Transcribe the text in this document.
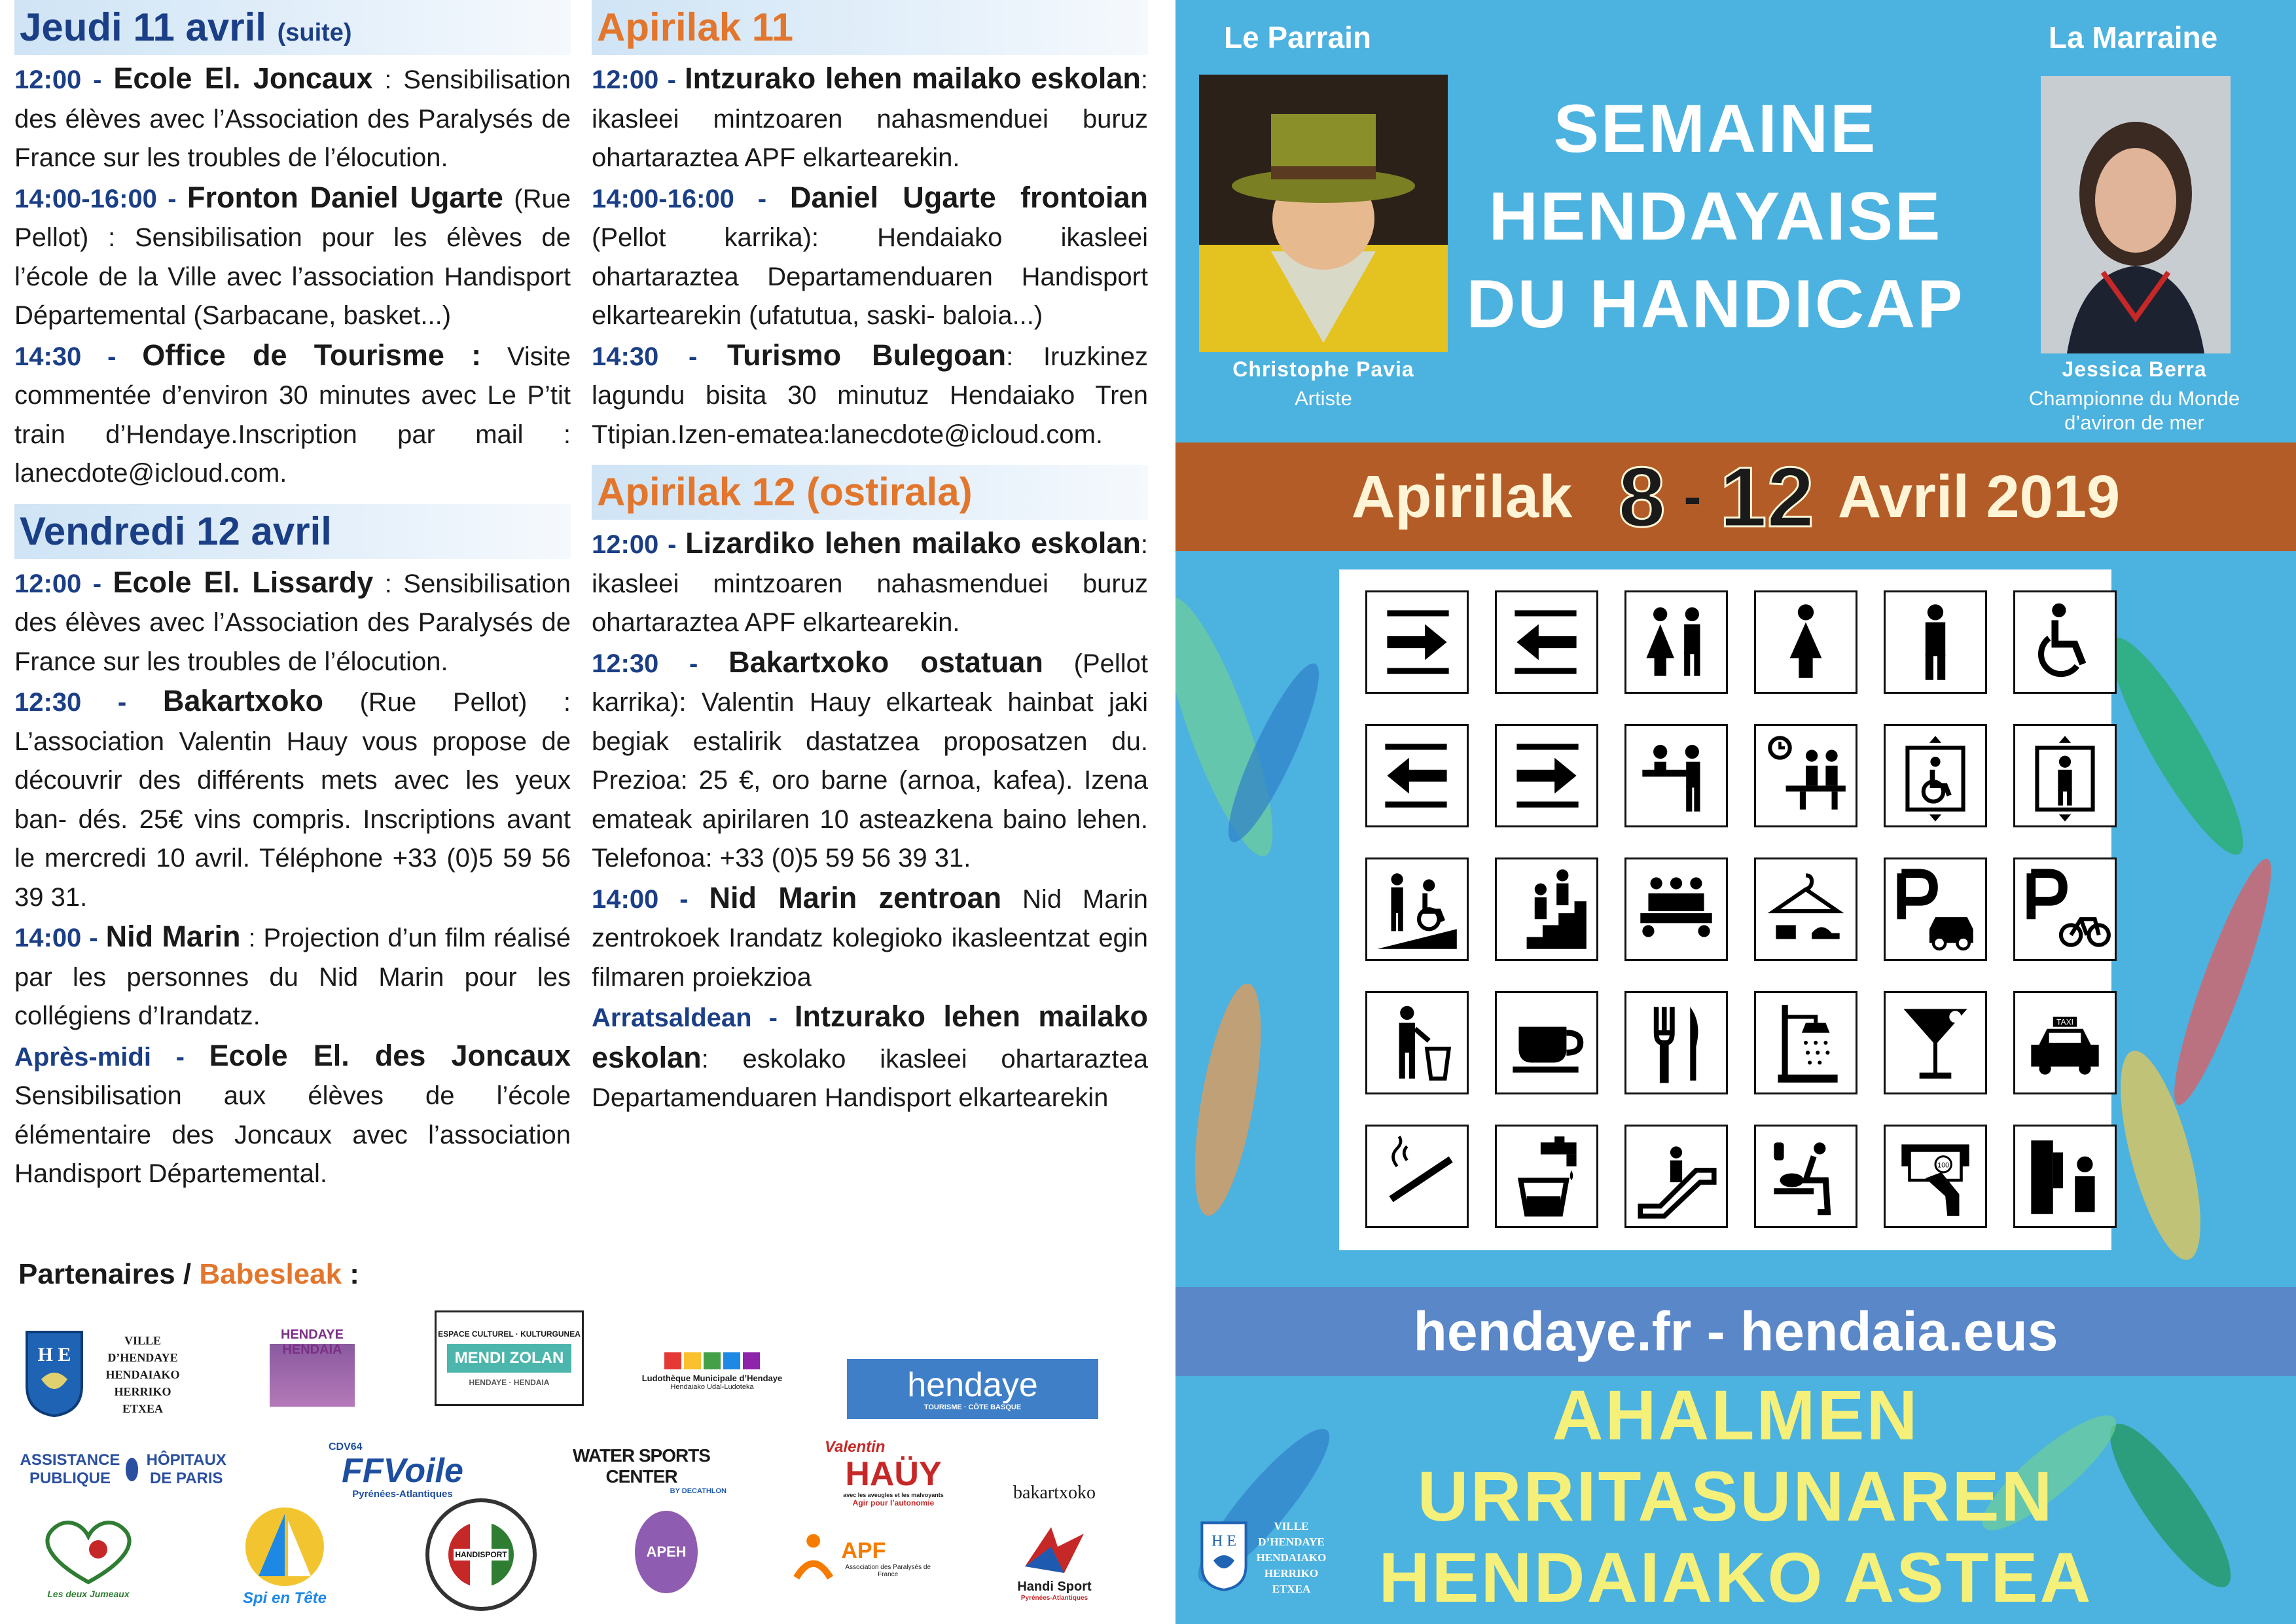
Jeudi 11 avril (suite)

12:00 - Ecole El. Joncaux : Sensibilisation des élèves avec l’Association des Paralysés de France sur les troubles de l’élocution.

14:00-16:00 - Fronton Daniel Ugarte (Rue Pellot) : Sensibilisation pour les élèves de l’école de la Ville avec l’association Handisport Départemental (Sarbacane, basket...)

14:30 - Office de Tourisme : Visite commentée d’environ 30 minutes avec Le P’tit train d’Hendaye.Inscription par mail : lanecdote@icloud.com.

Vendredi 12 avril

12:00 - Ecole El. Lissardy : Sensibilisation des élèves avec l’Association des Paralysés de France sur les troubles de l’élocution.

12:30 - Bakartxoko (Rue Pellot) : L’association Valentin Hauy vous propose de découvrir des différents mets avec les yeux ban- dés. 25€ vins compris. Inscriptions avant le mercredi 10 avril. Téléphone +33 (0)5 59 56 39 31.

14:00 - Nid Marin : Projection d’un film réalisé par les personnes du Nid Marin pour les collégiens d’Irandatz.

Après-midi - Ecole El. des Joncaux Sensibilisation aux élèves de l’école élémentaire des Joncaux avec l’association Handisport Départemental.

Apirilak 11

12:00 - Intzurako lehen mailako eskolan: ikasleei mintzoaren nahasmenduei buruz ohartaraztea APF elkartearekin.

14:00-16:00 - Daniel Ugarte frontoian (Pellot karrika): Hendaiako ikasleei ohartaraztea Departamenduaren Handisport elkartearekin (ufatutua, saski- baloia...)

14:30 - Turismo Bulegoan: Iruzkinez lagundu bisita 30 minutuz Hendaiako Tren Ttipian.Izen-ematea:lanecdote@icloud.com.

Apirilak 12 (ostirala)

12:00 - Lizardiko lehen mailako eskolan: ikasleei mintzoaren nahasmenduei buruz ohartaraztea APF elkartearekin.

12:30 - Bakartxoko ostatuan (Pellot karrika): Valentin Hauy elkarteak hainbat jaki begiak estalirik dastatzea proposatzen du. Prezioa: 25 €, oro barne (arnoa, kafea). Izena emateak apirilaren 10 asteazkena baino lehen. Telefonoa: +33 (0)5 59 56 39 31.

14:00 - Nid Marin zentroan Nid Marin zentrokoek Irandatz kolegioko ikasleentzat egin filmaren proiekzioa

Arratsaldean - Intzurako lehen mailako eskolan: eskolako ikasleei ohartaraztea Departamenduaren Handisport elkartearekin

Partenaires / Babesleak :
H E
VILLE D’HENDAYE
HENDAIAKO HERRIKO ETXEA
HENDAYE HENDAIA
ESPACE CULTUREL · KULTURGUNEA
MENDI ZOLAN
HENDAYE · HENDAIA	Ludothèque Municipale d’Hendaye
Hendaiako Udal-Ludoteka	hendaye
TOURISME · CÔTE BASQUE
ASSISTANCE PUBLIQUE
HÔPITAUX DE PARIS
CDV64
FFVoile
Pyrénées-Atlantiques
WATER SPORTS CENTER
BY DECATHLON
Valentin
HAÜY
avec les aveugles et les malvoyants
Agir pour l’autonomie	bakartxoko
Les deux Jumeaux	Spi en Tête
HANDISPORT	APEH	APF
Association des Paralysés de France
Handi Sport
Pyrénées-Atlantiques
Le Parrain	La Marraine
Christophe Pavia
Artiste
Jessica Berra
Championne du Monde
d’aviron de mer
SEMAINE
HENDAYAISE
DU HANDICAP
Apirilak 8 - 12 Avril 2019
TAXI
100
hendaye.fr - hendaia.eus
H E
VILLE D’HENDAYE
HENDAIAKO HERRIKO ETXEA
AHALMEN
URRITASUNAREN
HENDAIAKO ASTEA
